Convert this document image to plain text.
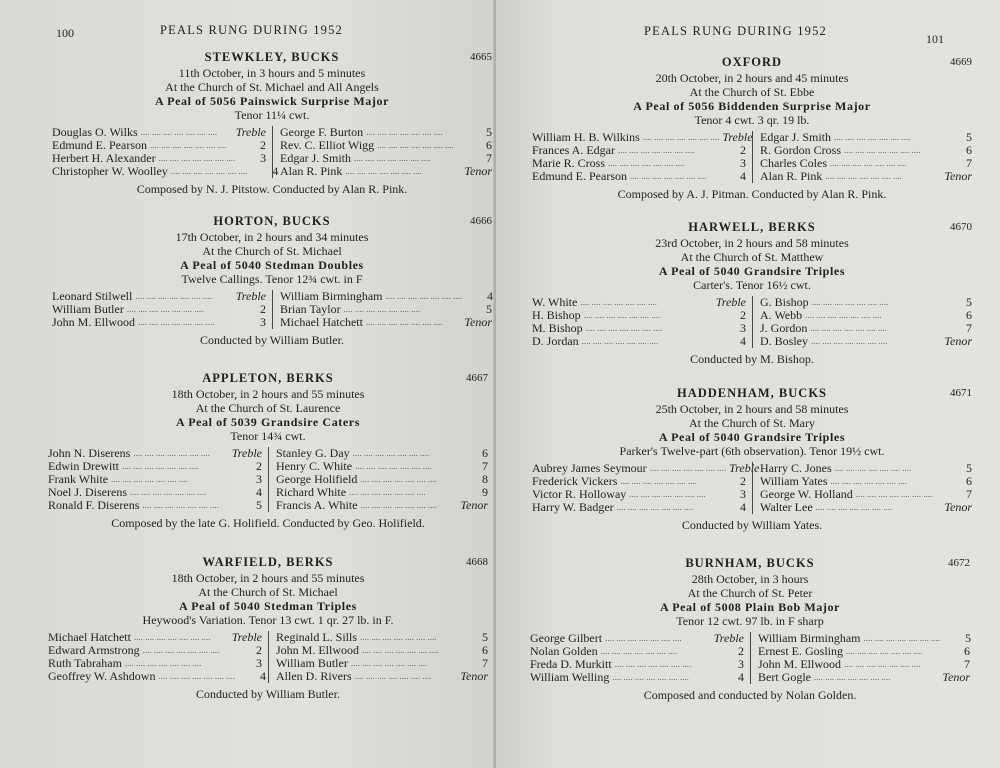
100	PEALS RUNG DURING 1952
STEWKLEY, BUCKS	4665
11th October, in 3 hours and 5 minutes
At the Church of St. Michael and All Angels
A Peal of 5056 Painswick Surprise Major
Tenor 11¼ cwt.
Douglas O. Wilks .... .... .... .... .... .... ....	Treble
Edmund E. Pearson .... .... .... .... .... .... ....	2
Herbert H. Alexander .... .... .... .... .... .... ....	3
Christopher W. Woolley .... .... .... .... .... .... ....	4
George F. Burton .... .... .... .... .... .... ....	5
Rev. C. Elliot Wigg .... .... .... .... .... .... ....	6
Edgar J. Smith .... .... .... .... .... .... ....	7
Alan R. Pink .... .... .... .... .... .... ....	Tenor
Composed by N. J. Pitstow. Conducted by Alan R. Pink.
HORTON, BUCKS	4666
17th October, in 2 hours and 34 minutes
At the Church of St. Michael
A Peal of 5040 Stedman Doubles
Twelve Callings. Tenor 12¾ cwt. in F
Leonard Stilwell .... .... .... .... .... .... ....	Treble
William Butler .... .... .... .... .... .... ....	2
John M. Ellwood .... .... .... .... .... .... ....	3
William Birmingham .... .... .... .... .... .... ....	4
Brian Taylor .... .... .... .... .... .... ....	5
Michael Hatchett .... .... .... .... .... .... ....	Tenor
Conducted by William Butler.
APPLETON, BERKS	4667
18th October, in 2 hours and 55 minutes
At the Church of St. Laurence
A Peal of 5039 Grandsire Caters
Tenor 14¾ cwt.
John N. Diserens .... .... .... .... .... .... ....	Treble
Edwin Drewitt .... .... .... .... .... .... ....	2
Frank White .... .... .... .... .... .... ....	3
Noel J. Diserens .... .... .... .... .... .... ....	4
Ronald F. Diserens .... .... .... .... .... .... ....	5
Stanley G. Day .... .... .... .... .... .... ....	6
Henry C. White .... .... .... .... .... .... ....	7
George Holifield .... .... .... .... .... .... ....	8
Richard White .... .... .... .... .... .... ....	9
Francis A. White .... .... .... .... .... .... ....	Tenor
Composed by the late G. Holifield. Conducted by Geo. Holifield.
WARFIELD, BERKS	4668
18th October, in 2 hours and 55 minutes
At the Church of St. Michael
A Peal of 5040 Stedman Triples
Heywood's Variation. Tenor 13 cwt. 1 qr. 27 lb. in F.
Michael Hatchett .... .... .... .... .... .... ....	Treble
Edward Armstrong .... .... .... .... .... .... ....	2
Ruth Tabraham .... .... .... .... .... .... ....	3
Geoffrey W. Ashdown .... .... .... .... .... .... ....	4
Reginald L. Sills .... .... .... .... .... .... ....	5
John M. Ellwood .... .... .... .... .... .... ....	6
William Butler .... .... .... .... .... .... ....	7
Allen D. Rivers .... .... .... .... .... .... ....	Tenor
Conducted by William Butler.
PEALS RUNG DURING 1952
101
OXFORD	4669
20th October, in 2 hours and 45 minutes
At the Church of St. Ebbe
A Peal of 5056 Biddenden Surprise Major
Tenor 4 cwt. 3 qr. 19 lb.
William H. B. Wilkins .... .... .... .... .... .... .... Treble
Frances A. Edgar .... .... .... .... .... .... ....	2
Marie R. Cross .... .... .... .... .... .... ....	3
Edmund E. Pearson .... .... .... .... .... .... ....	4
Edgar J. Smith .... .... .... .... .... .... ....	5
R. Gordon Cross .... .... .... .... .... .... ....	6
Charles Coles .... .... .... .... .... .... ....	7
Alan R. Pink .... .... .... .... .... .... ....	Tenor
Composed by A. J. Pitman. Conducted by Alan R. Pink.
HARWELL, BERKS	4670
23rd October, in 2 hours and 58 minutes
At the Church of St. Matthew
A Peal of 5040 Grandsire Triples
Carter's. Tenor 16½ cwt.
W. White .... .... .... .... .... .... ....	Treble
H. Bishop .... .... .... .... .... .... ....	2
M. Bishop .... .... .... .... .... .... ....	3
D. Jordan .... .... .... .... .... .... ....	4
G. Bishop .... .... .... .... .... .... ....	5
A. Webb .... .... .... .... .... .... ....	6
J. Gordon .... .... .... .... .... .... ....	7
D. Bosley .... .... .... .... .... .... ....	Tenor
Conducted by M. Bishop.
HADDENHAM, BUCKS	4671
25th October, in 2 hours and 58 minutes
At the Church of St. Mary
A Peal of 5040 Grandsire Triples
Parker's Twelve-part (6th observation). Tenor 19½ cwt.
Aubrey James Seymour .... .... .... .... .... .... .... Treble
Frederick Vickers .... .... .... .... .... .... ....	2
Victor R. Holloway .... .... .... .... .... .... ....	3
Harry W. Badger .... .... .... .... .... .... ....	4
Harry C. Jones .... .... .... .... .... .... ....	5
William Yates .... .... .... .... .... .... ....	6
George W. Holland .... .... .... .... .... .... ....	7
Walter Lee .... .... .... .... .... .... ....	Tenor
Conducted by William Yates.
BURNHAM, BUCKS	4672
28th October, in 3 hours
At the Church of St. Peter
A Peal of 5008 Plain Bob Major
Tenor 12 cwt. 97 lb. in F sharp
George Gilbert .... .... .... .... .... .... ....	Treble
Nolan Golden .... .... .... .... .... .... ....	2
Freda D. Murkitt .... .... .... .... .... .... ....	3
William Welling .... .... .... .... .... .... ....	4
William Birmingham .... .... .... .... .... .... ....	5
Ernest E. Gosling .... .... .... .... .... .... ....	6
John M. Ellwood .... .... .... .... .... .... ....	7
Bert Gogle .... .... .... .... .... .... ....	Tenor
Composed and conducted by Nolan Golden.
